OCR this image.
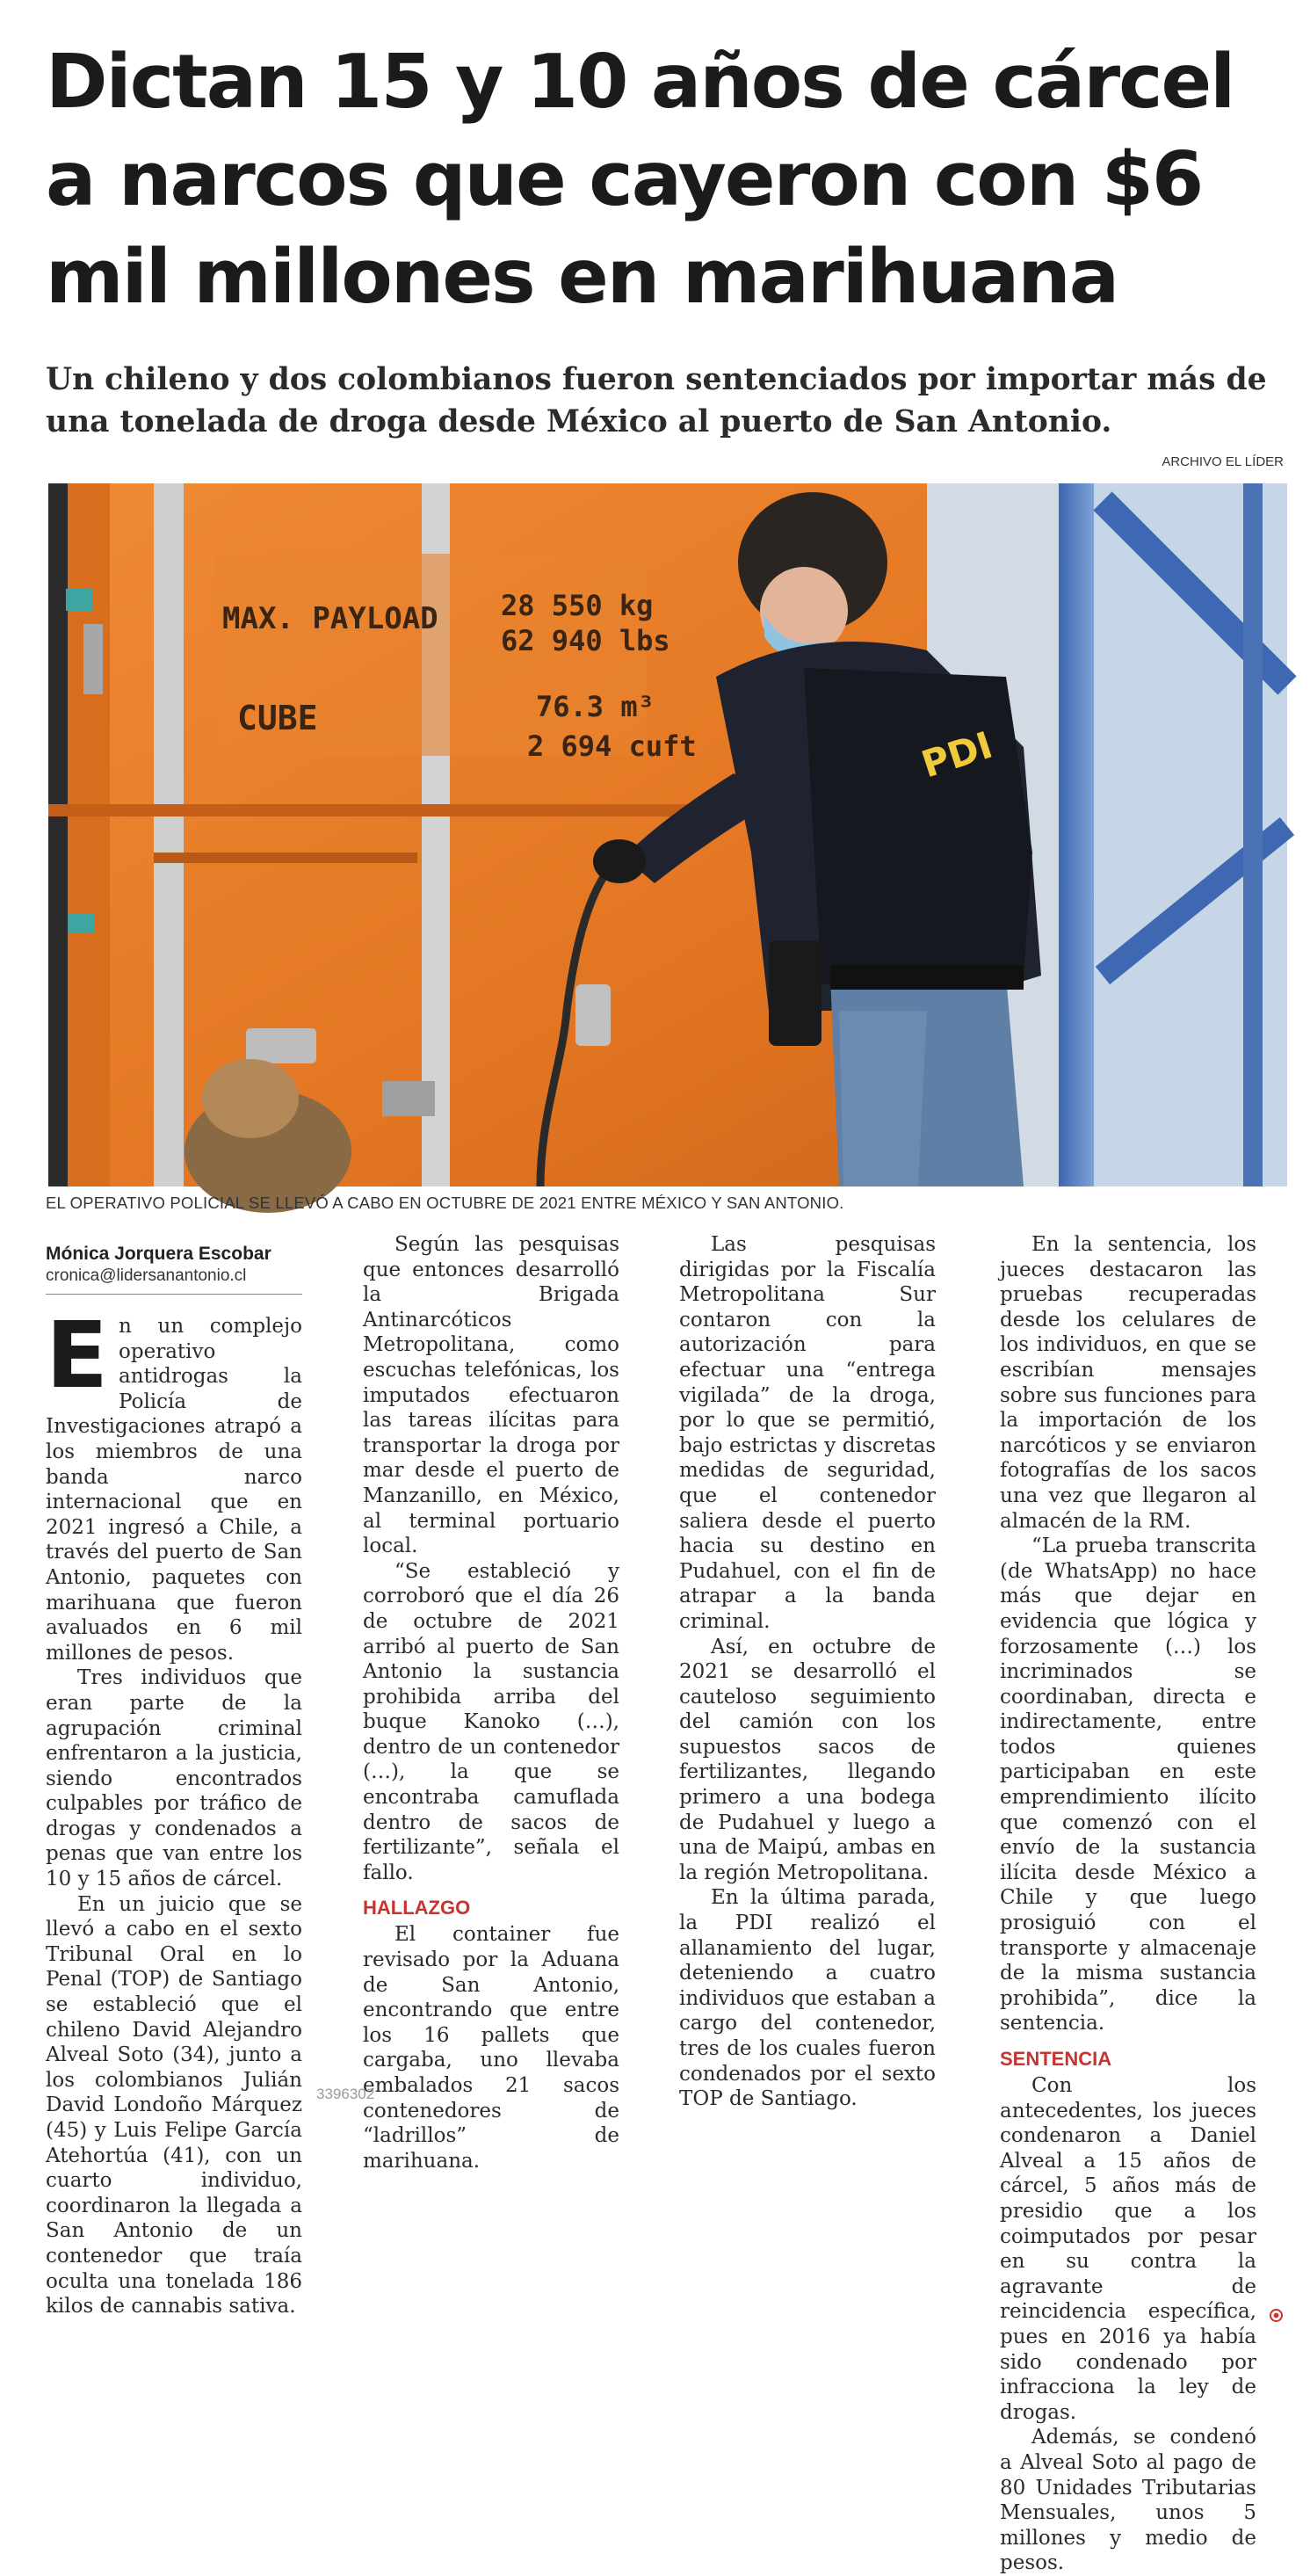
Dictan 15 y 10 años de cárcel a narcos que cayeron con $6 mil millones en marihuana

Un chileno y dos colombianos fueron sentenciados por importar más de una tonelada de droga desde México al puerto de San Antonio.

ARCHIVO EL LÍDER
MAX. PAYLOAD
CUBE
28 550 kg
62 940 lbs
76.3 m³
2 694 cuft	PDI
EL OPERATIVO POLICIAL SE LLEVÓ A CABO EN OCTUBRE DE 2021 ENTRE MÉXICO Y SAN ANTONIO.
Mónica Jorquera Escobar
cronica@lidersanantonio.cl

En un complejo operativo antidrogas la Policía de Investigaciones atrapó a los miembros de una banda narco internacional que en 2021 ingresó a Chile, a través del puerto de San Antonio, paquetes con marihuana que fueron avaluados en 6 mil millones de pesos.

Tres individuos que eran parte de la agrupación criminal enfrentaron a la justicia, siendo encontrados culpables por tráfico de drogas y condenados a penas que van entre los 10 y 15 años de cárcel.

En un juicio que se llevó a cabo en el sexto Tribunal Oral en lo Penal (TOP) de Santiago se estableció que el chileno David Alejandro Alveal Soto (34), junto a los colombianos Julián David Londoño Márquez (45) y Luis Felipe García Atehortúa (41), con un cuarto individuo, coordinaron la llegada a San Antonio de un contenedor que traía oculta una tonelada 186 kilos de cannabis sativa.

Según las pesquisas que entonces desarrolló la Brigada Antinarcóticos Metropolitana, como escuchas telefónicas, los imputados efectuaron las tareas ilícitas para transportar la droga por mar desde el puerto de Manzanillo, en México, al terminal portuario local.

“Se estableció y corroboró que el día 26 de octubre de 2021 arribó al puerto de San Antonio la sustancia prohibida arriba del buque Kanoko (…), dentro de un contenedor (…), la que se encontraba camuflada dentro de sacos de fertilizante”, señala el fallo.

HALLAZGO

El container fue revisado por la Aduana de San Antonio, encontrando que entre los 16 pallets que cargaba, uno llevaba embalados 21 sacos contenedores de “ladrillos” de marihuana.

Las pesquisas dirigidas por la Fiscalía Metropolitana Sur contaron con la autorización para efectuar una “entrega vigilada” de la droga, por lo que se permitió, bajo estrictas y discretas medidas de seguridad, que el contenedor saliera desde el puerto hacia su destino en Pudahuel, con el fin de atrapar a la banda criminal.

Así, en octubre de 2021 se desarrolló el cauteloso seguimiento del camión con los supuestos sacos de fertilizantes, llegando primero a una bodega de Pudahuel y luego a una de Maipú, ambas en la región Metropolitana.

En la última parada, la PDI realizó el allanamiento del lugar, deteniendo a cuatro individuos que estaban a cargo del contenedor, tres de los cuales fueron condenados por el sexto TOP de Santiago.

En la sentencia, los jueces destacaron las pruebas recuperadas desde los celulares de los individuos, en que se escribían mensajes sobre sus funciones para la importación de los narcóticos y se enviaron fotografías de los sacos una vez que llegaron al almacén de la RM.

“La prueba transcrita (de WhatsApp) no hace más que dejar en evidencia que lógica y forzosamente (…) los incriminados se coordinaban, directa e indirectamente, entre todos quienes participaban en este emprendimiento ilícito que comenzó con el envío de la sustancia ilícita desde México a Chile y que luego prosiguió con el transporte y almacenaje de la misma sustancia prohibida”, dice la sentencia.

SENTENCIA

Con los antecedentes, los jueces condenaron a Daniel Alveal a 15 años de cárcel, 5 años más de presidio que a los coimputados por pesar en su contra la agravante de reincidencia específica, pues en 2016 ya había sido condenado por infracciona la ley de drogas.

Además, se condenó a Alveal Soto al pago de 80 Unidades Tributarias Mensuales, unos 5 millones y medio de pesos.

3396302
